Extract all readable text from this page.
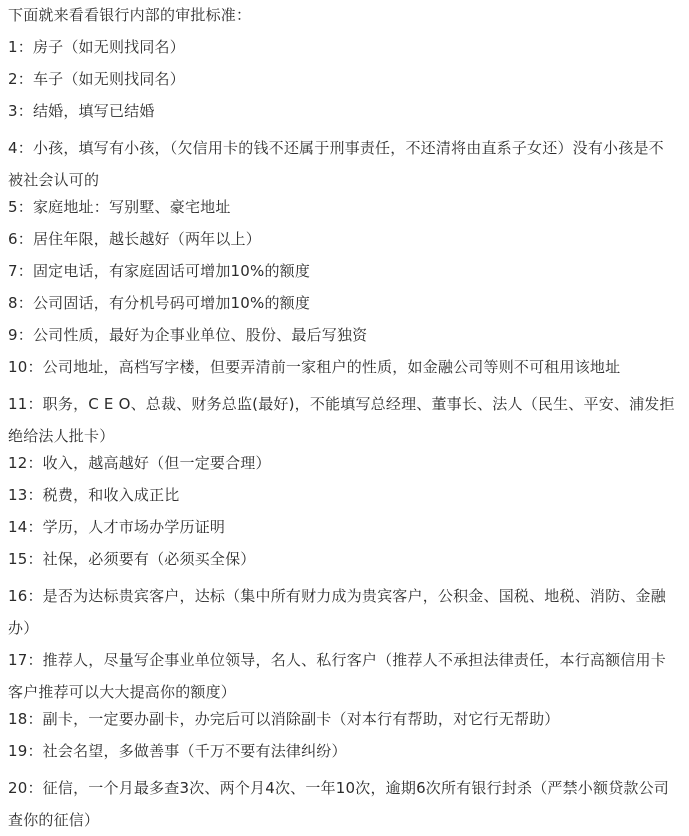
下面就来看看银行内部的审批标准：
1：房子（如无则找同名）
2：车子（如无则找同名）
3：结婚，填写已结婚
4：小孩，填写有小孩，（欠信用卡的钱不还属于刑事责任，不还清将由直系子女还）没有小孩是不被社会认可的
5：家庭地址：写别墅、豪宅地址
6：居住年限，越长越好（两年以上）
7：固定电话，有家庭固话可增加10%的额度
8：公司固话，有分机号码可增加10%的额度
9：公司性质，最好为企事业单位、股份、最后写独资
10：公司地址，高档写字楼，但要弄清前一家租户的性质，如金融公司等则不可租用该地址
11：职务，C E O、总裁、财务总监(最好)，不能填写总经理、董事长、法人（民生、平安、浦发拒绝给法人批卡）
12：收入，越高越好（但一定要合理）
13：税费，和收入成正比
14：学历，人才市场办学历证明
15：社保，必须要有（必须买全保）
16：是否为达标贵宾客户，达标（集中所有财力成为贵宾客户，公积金、国税、地税、消防、金融办）
17：推荐人，尽量写企事业单位领导，名人、私行客户（推荐人不承担法律责任，本行高额信用卡客户推荐可以大大提高你的额度）
18：副卡，一定要办副卡，办完后可以消除副卡（对本行有帮助，对它行无帮助）
19：社会名望，多做善事（千万不要有法律纠纷）
20：征信，一个月最多查3次、两个月4次、一年10次，逾期6次所有银行封杀（严禁小额贷款公司查你的征信）
